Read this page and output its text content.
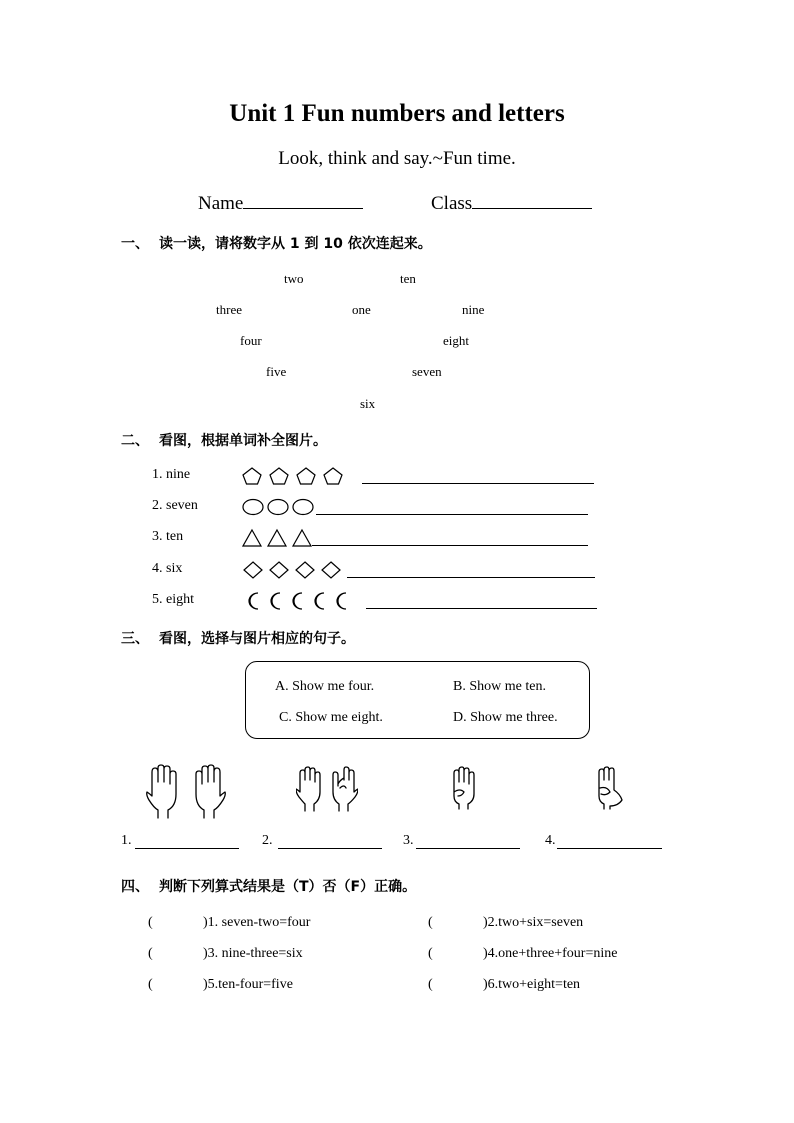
Unit 1 Fun numbers and letters
Look, think and say.~Fun time.
Name	Class
一、 读一读，请将数字从 1 到 10 依次连起来。
two	ten
three	one	nine
four	eight
five	seven
six
二、 看图，根据单词补全图片。
1. nine
2. seven
3. ten
4. six
5. eight
三、 看图，选择与图片相应的句子。
A. Show me four.	B. Show me ten.
C. Show me eight.	D. Show me three.
1.	2.	3.	4.
四、 判断下列算式结果是（T）否（F）正确。
(	)1. seven-two=four	(	)2.two+six=seven
(	)3. nine-three=six	(	)4.one+three+four=nine
(	)5.ten-four=five	(	)6.two+eight=ten
